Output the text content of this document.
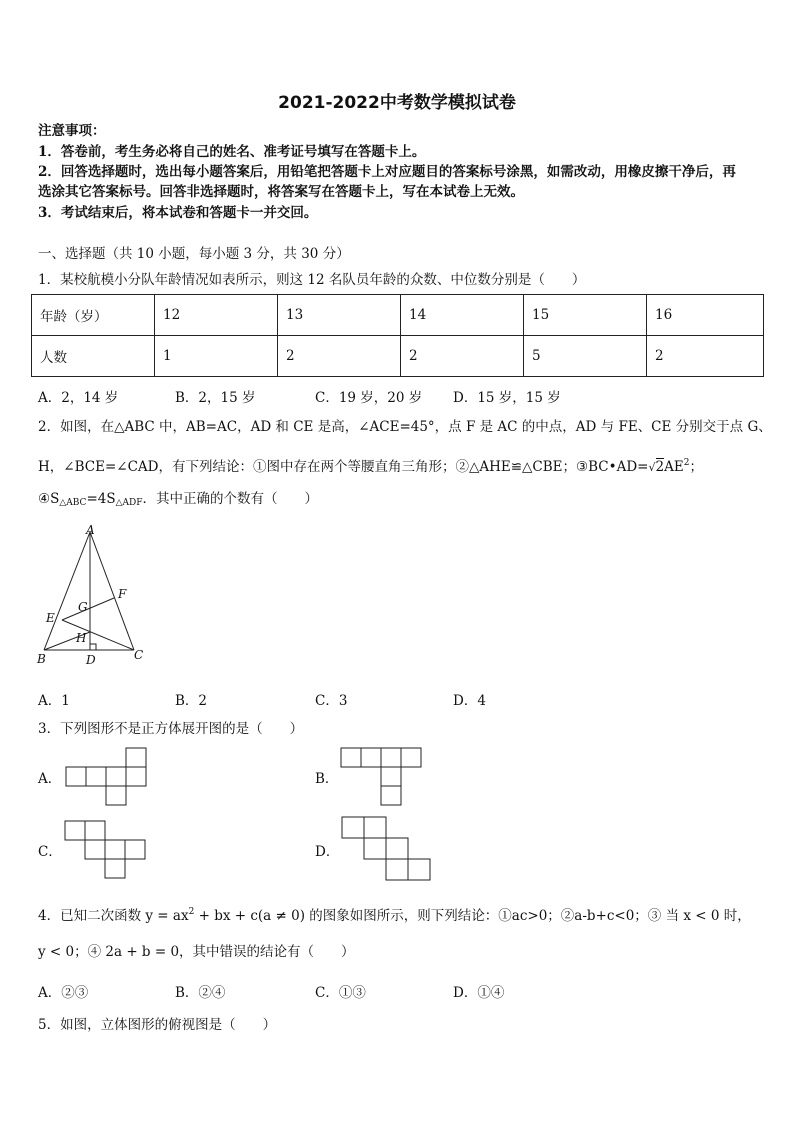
2021-2022中考数学模拟试卷
注意事项：
1．答卷前，考生务必将自己的姓名、准考证号填写在答题卡上。
2．回答选择题时，选出每小题答案后，用铅笔把答题卡上对应题目的答案标号涂黑，如需改动，用橡皮擦干净后，再
选涂其它答案标号。回答非选择题时，将答案写在答题卡上，写在本试卷上无效。
3．考试结束后，将本试卷和答题卡一并交回。
一、选择题（共 10 小题，每小题 3 分，共 30 分）
1．某校航模小分队年龄情况如表所示，则这 12 名队员年龄的众数、中位数分别是（　　）
年龄（岁）	12	13	14	15	16
人数	1	2	2	5	2
A．2，14 岁	B．2，15 岁	C．19 岁，20 岁 D．15 岁，15 岁
2．如图，在△ABC 中，AB=AC，AD 和 CE 是高，∠ACE=45°，点 F 是 AC 的中点，AD 与 FE、CE 分别交于点 G、
H，∠BCE=∠CAD，有下列结论：①图中存在两个等腰直角三角形；②△AHE≌△CBE；$③BC•AD=√2AE^2$；
$④S_{\triangle ABC}=4S_{\triangle ADF}$．其中正确的个数有（　　）
A
B	C
D
E
F
G
H
A．1	B．2	C．3	D．4
3．下列图形不是正方体展开图的是（　　）
A．	B．
C．	D．
4．已知二次函数 $y = ax^2$ + bx + c(a ≠ 0) 的图象如图所示，则下列结论：①ac>0；②a-b+c<0；③ 当 x < 0 时，
y < 0；④ 2a + b = 0，其中错误的结论有（　　）
A．②③	B．②④	C．①③	D．①④
5．如图，立体图形的俯视图是（　　）
